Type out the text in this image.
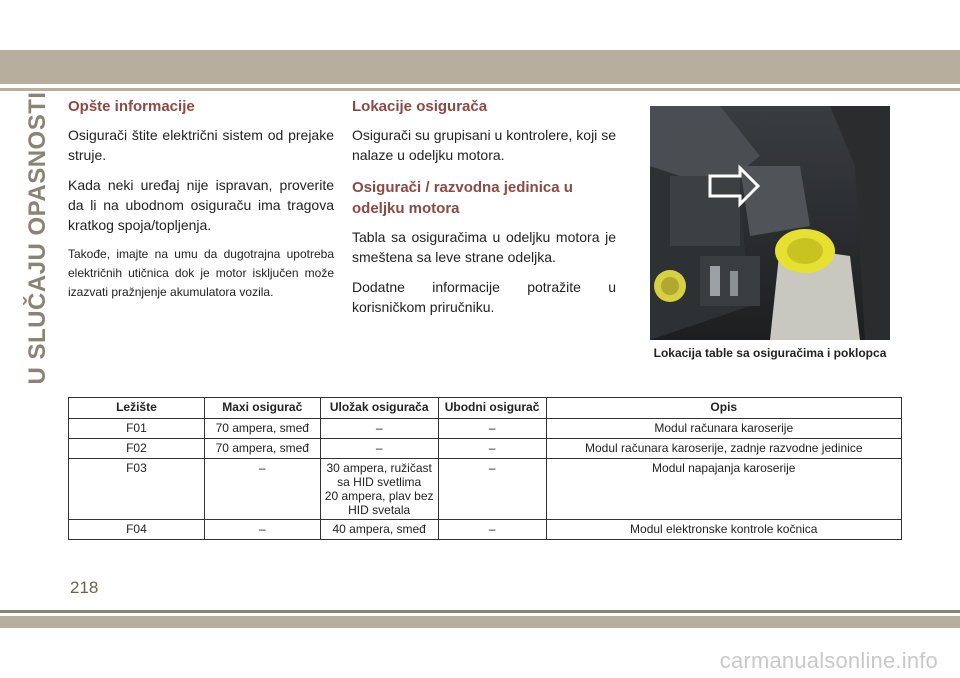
U SLUČAJU OPASNOSTI Opšte informacije

Osigurači štite električni sistem od prejake struje.

Kada neki uređaj nije ispravan, proverite da li na ubodnom osiguraču ima tragova kratkog spoja/topljenja.

Takođe, imajte na umu da dugotrajna upotreba električnih utičnica dok je motor isključen može izazvati pražnjenje akumulatora vozila.

Lokacije osigurača

Osigurači su grupisani u kontrolere, koji se nalaze u odeljku motora.

Osigurači / razvodna jedinica u odeljku motora

Tabla sa osiguračima u odeljku motora je smeštena sa leve strane odeljka.

Dodatne informacije potražite u korisničkom priručniku.

Lokacija table sa osiguračima i poklopca
Ležište	Maxi osigurač	Uložak osigurača	Ubodni osigurač	Opis
F01	70 ampera, smeđ	–	–	Modul računara karoserije
F02	70 ampera, smeđ	–	–	Modul računara karoserije, zadnje razvodne jedinice
F03	–	30 ampera, ružičast sa HID svetlima
20 ampera, plav bez HID svetala	–	Modul napajanja karoserije
F04	–	40 ampera, smeđ	–	Modul elektronske kontrole kočnica
218
carmanualsonline.info
